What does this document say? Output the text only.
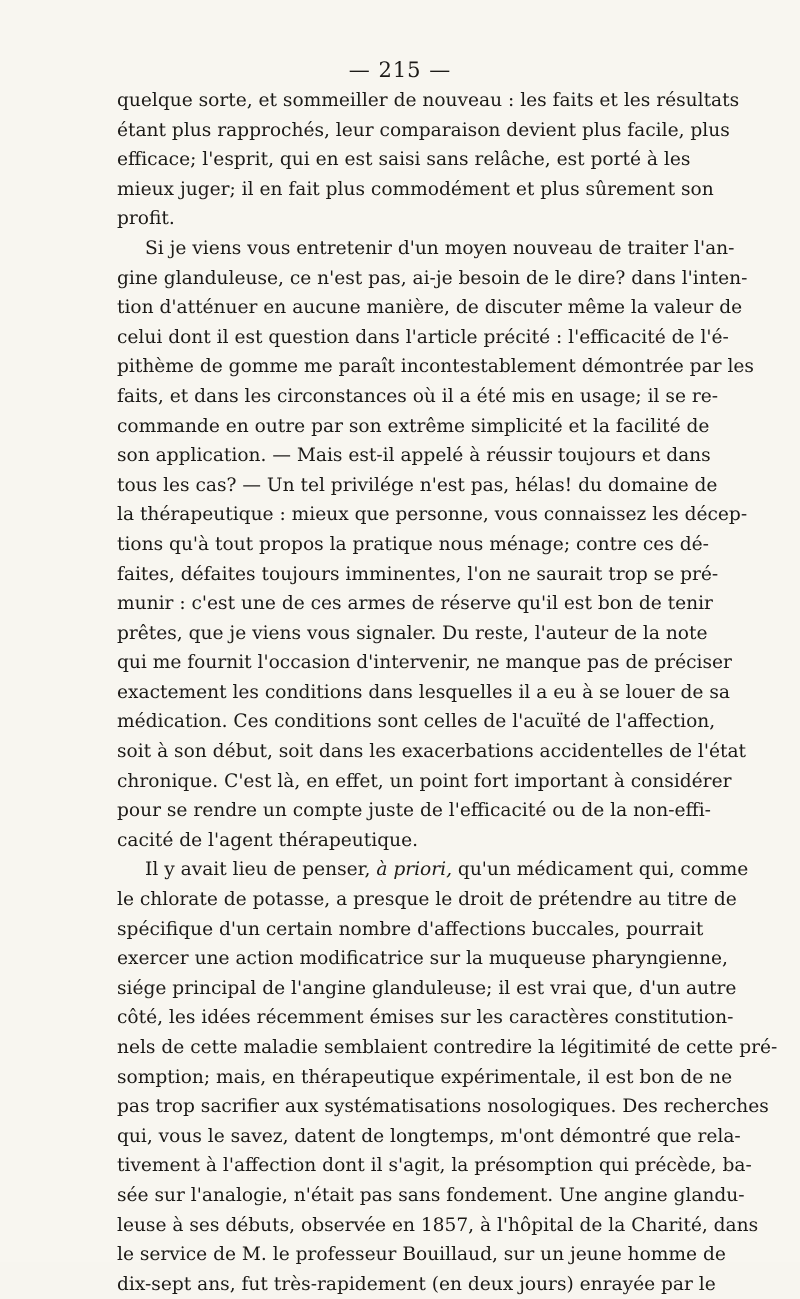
— 215 —
quelque sorte, et sommeiller de nouveau : les faits et les résultats
étant plus rapprochés, leur comparaison devient plus facile, plus
efficace; l'esprit, qui en est saisi sans relâche, est porté à les
mieux juger; il en fait plus commodément et plus sûrement son
profit.
Si je viens vous entretenir d'un moyen nouveau de traiter l'an-
gine glanduleuse, ce n'est pas, ai-je besoin de le dire? dans l'inten-
tion d'atténuer en aucune manière, de discuter même la valeur de
celui dont il est question dans l'article précité : l'efficacité de l'é-
pithème de gomme me paraît incontestablement démontrée par les
faits, et dans les circonstances où il a été mis en usage; il se re-
commande en outre par son extrême simplicité et la facilité de
son application. — Mais est-il appelé à réussir toujours et dans
tous les cas? — Un tel privilége n'est pas, hélas! du domaine de
la thérapeutique : mieux que personne, vous connaissez les décep-
tions qu'à tout propos la pratique nous ménage; contre ces dé-
faites, défaites toujours imminentes, l'on ne saurait trop se pré-
munir : c'est une de ces armes de réserve qu'il est bon de tenir
prêtes, que je viens vous signaler. Du reste, l'auteur de la note
qui me fournit l'occasion d'intervenir, ne manque pas de préciser
exactement les conditions dans lesquelles il a eu à se louer de sa
médication. Ces conditions sont celles de l'acuïté de l'affection,
soit à son début, soit dans les exacerbations accidentelles de l'état
chronique. C'est là, en effet, un point fort important à considérer
pour se rendre un compte juste de l'efficacité ou de la non-effi-
cacité de l'agent thérapeutique.
Il y avait lieu de penser, à priori, qu'un médicament qui, comme
le chlorate de potasse, a presque le droit de prétendre au titre de
spécifique d'un certain nombre d'affections buccales, pourrait
exercer une action modificatrice sur la muqueuse pharyngienne,
siége principal de l'angine glanduleuse; il est vrai que, d'un autre
côté, les idées récemment émises sur les caractères constitution-
nels de cette maladie semblaient contredire la légitimité de cette pré-
somption; mais, en thérapeutique expérimentale, il est bon de ne
pas trop sacrifier aux systématisations nosologiques. Des recherches
qui, vous le savez, datent de longtemps, m'ont démontré que rela-
tivement à l'affection dont il s'agit, la présomption qui précède, ba-
sée sur l'analogie, n'était pas sans fondement. Une angine glandu-
leuse à ses débuts, observée en 1857, à l'hôpital de la Charité, dans
le service de M. le professeur Bouillaud, sur un jeune homme de
dix-sept ans, fut très-rapidement (en deux jours) enrayée par le
